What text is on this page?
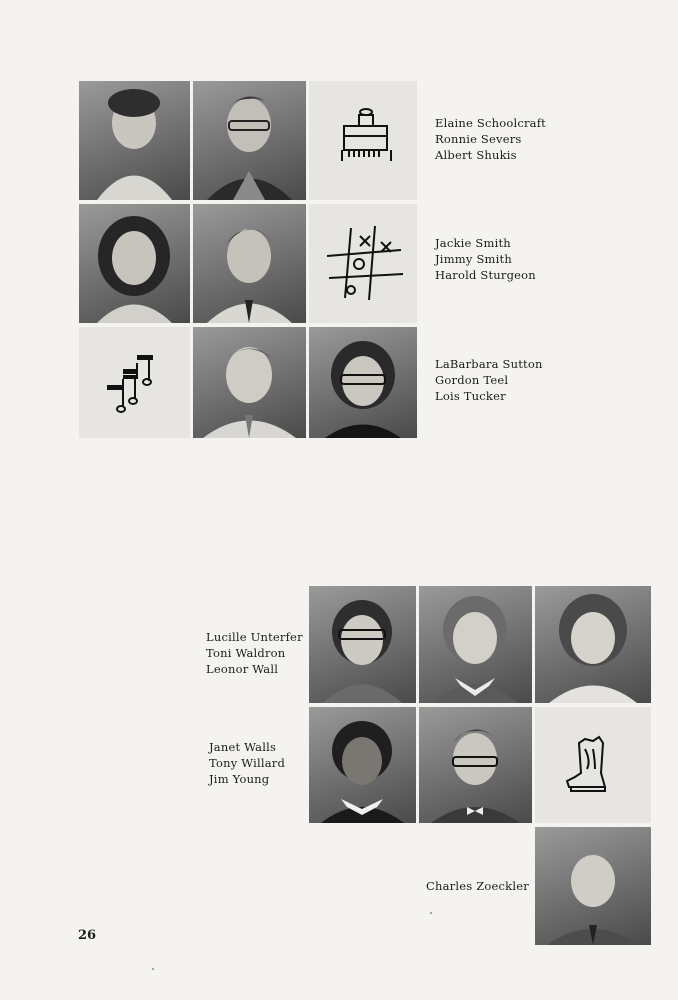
Elaine Schoolcraft
Ronnie Severs
Albert Shukis
Jackie Smith
Jimmy Smith
Harold Sturgeon
LaBarbara Sutton
Gordon Teel
Lois Tucker
Lucille Unterfer
Toni Waldron
Leonor Wall
Janet Walls
Tony Willard
Jim Young
Charles Zoeckler
26
